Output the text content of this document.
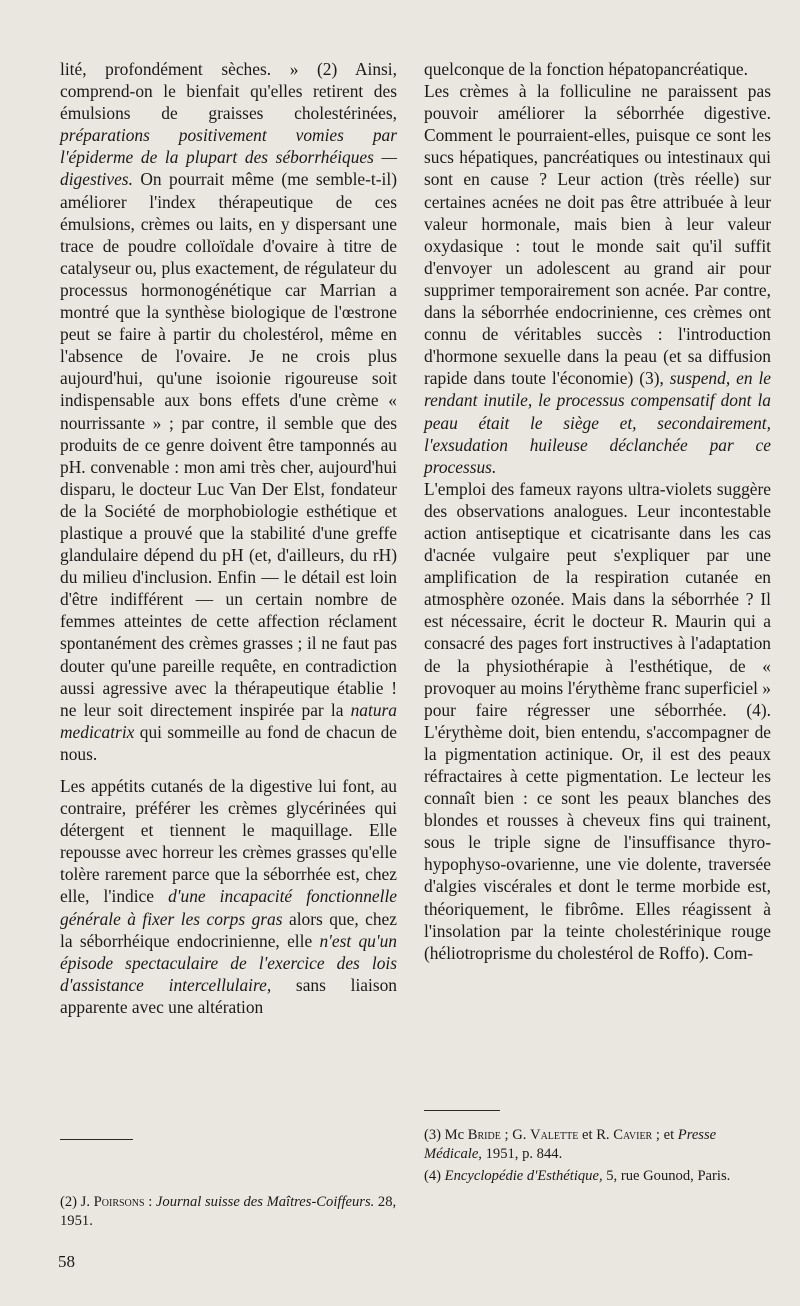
lité, profondément sèches. » (2) Ainsi, comprend-on le bienfait qu'elles retirent des émulsions de graisses cholestérinées, préparations positivement vomies par l'épiderme de la plupart des séborrhéiques — digestives. On pourrait même (me semble-t-il) améliorer l'index thérapeutique de ces émulsions, crèmes ou laits, en y dispersant une trace de poudre colloïdale d'ovaire à titre de catalyseur ou, plus exactement, de régulateur du processus hormonogénétique car Marrian a montré que la synthèse biologique de l'œstrone peut se faire à partir du cholestérol, même en l'absence de l'ovaire. Je ne crois plus aujourd'hui, qu'une isoionie rigoureuse soit indispensable aux bons effets d'une crème « nourrissante » ; par contre, il semble que des produits de ce genre doivent être tamponnés au pH. convenable : mon ami très cher, aujourd'hui disparu, le docteur Luc Van Der Elst, fondateur de la Société de morphobiologie esthétique et plastique a prouvé que la stabilité d'une greffe glandulaire dépend du pH (et, d'ailleurs, du rH) du milieu d'inclusion. Enfin — le détail est loin d'être indifférent — un certain nombre de femmes atteintes de cette affection réclament spontanément des crèmes grasses ; il ne faut pas douter qu'une pareille requête, en contradiction aussi agressive avec la thérapeutique établie ! ne leur soit directement inspirée par la natura medicatrix qui sommeille au fond de chacun de nous.

Les appétits cutanés de la digestive lui font, au contraire, préférer les crèmes glycérinées qui détergent et tiennent le maquillage. Elle repousse avec horreur les crèmes grasses qu'elle tolère rarement parce que la séborrhée est, chez elle, l'indice d'une incapacité fonctionnelle générale à fixer les corps gras alors que, chez la séborrhéique endocrinienne, elle n'est qu'un épisode spectaculaire de l'exercice des lois d'assistance intercellulaire, sans liaison apparente avec une altération

quelconque de la fonction hépatopancréatique.

Les crèmes à la folliculine ne paraissent pas pouvoir améliorer la séborrhée digestive. Comment le pourraient-elles, puisque ce sont les sucs hépatiques, pancréatiques ou intestinaux qui sont en cause ? Leur action (très réelle) sur certaines acnées ne doit pas être attribuée à leur valeur hormonale, mais bien à leur valeur oxydasique : tout le monde sait qu'il suffit d'envoyer un adolescent au grand air pour supprimer temporairement son acnée. Par contre, dans la séborrhée endocrinienne, ces crèmes ont connu de véritables succès : l'introduction d'hormone sexuelle dans la peau (et sa diffusion rapide dans toute l'économie) (3), suspend, en le rendant inutile, le processus compensatif dont la peau était le siège et, secondairement, l'exsudation huileuse déclanchée par ce processus.

L'emploi des fameux rayons ultra-violets suggère des observations analogues. Leur incontestable action antiseptique et cicatrisante dans les cas d'acnée vulgaire peut s'expliquer par une amplification de la respiration cutanée en atmosphère ozonée. Mais dans la séborrhée ? Il est nécessaire, écrit le docteur R. Maurin qui a consacré des pages fort instructives à l'adaptation de la physiothérapie à l'esthétique, de « provoquer au moins l'érythème franc superficiel » pour faire régresser une séborrhée. (4). L'érythème doit, bien entendu, s'accompagner de la pigmentation actinique. Or, il est des peaux réfractaires à cette pigmentation. Le lecteur les connaît bien : ce sont les peaux blanches des blondes et rousses à cheveux fins qui trainent, sous le triple signe de l'insuffisance thyro-hypophyso-ovarienne, une vie dolente, traversée d'algies viscérales et dont le terme morbide est, théoriquement, le fibrôme. Elles réagissent à l'insolation par la teinte cholestérinique rouge (héliotroprisme du cholestérol de Roffo). Com-

(2) J. Poirsons : Journal suisse des Maîtres-Coiffeurs. 28, 1951.

(3) Mc Bride ; G. Valette et R. Cavier ; et Presse Médicale, 1951, p. 844.

(4) Encyclopédie d'Esthétique, 5, rue Gounod, Paris.

58
